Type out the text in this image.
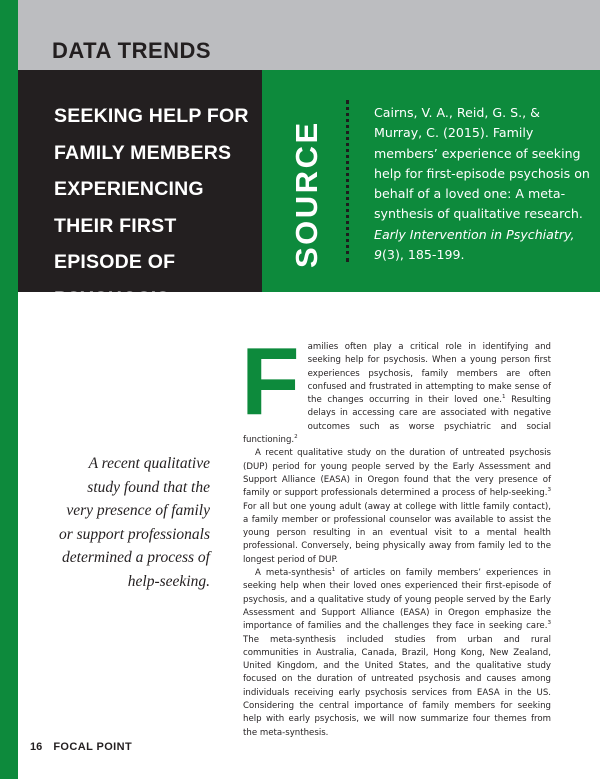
DATA TRENDS
SEEKING HELP FOR FAMILY MEMBERS EXPERIENCING THEIR FIRST EPISODE OF PSYCHOSIS
SOURCE
Cairns, V. A., Reid, G. S., & Murray, C. (2015). Family members’ experience of seeking help for first-episode psychosis on behalf of a loved one: A meta-synthesis of qualitative research. Early Intervention in Psychiatry, 9(3), 185-199.
A recent qualitative study found that the very presence of family or support professionals determined a process of help-seeking.

Families often play a critical role in identifying and seeking help for psychosis. When a young person first experiences psychosis, family members are often confused and frustrated in attempting to make sense of the changes occurring in their loved one.$^1$ Resulting delays in accessing care are associated with negative outcomes such as worse psychiatric and social functioning.$^2$

A recent qualitative study on the duration of untreated psychosis (DUP) period for young people served by the Early Assessment and Support Alliance (EASA) in Oregon found that the very presence of family or support professionals determined a process of help-seeking.$^3$ For all but one young adult (away at college with little family contact), a family member or professional counselor was available to assist the young person resulting in an eventual visit to a mental health professional. Conversely, being physically away from family led to the longest period of DUP.

A meta-synthesis$^1$ of articles on family members’ experiences in seeking help when their loved ones experienced their first-episode of psychosis, and a qualitative study of young people served by the Early Assessment and Support Alliance (EASA) in Oregon emphasize the importance of families and the challenges they face in seeking care.$^3$ The meta-synthesis included studies from urban and rural communities in Australia, Canada, Brazil, Hong Kong, New Zealand, United Kingdom, and the United States, and the qualitative study focused on the duration of untreated psychosis and causes among individuals receiving early psychosis services from EASA in the US. Considering the central importance of family members for seeking help with early psychosis, we will now summarize four themes from the meta-synthesis.

16 FOCAL POINT
